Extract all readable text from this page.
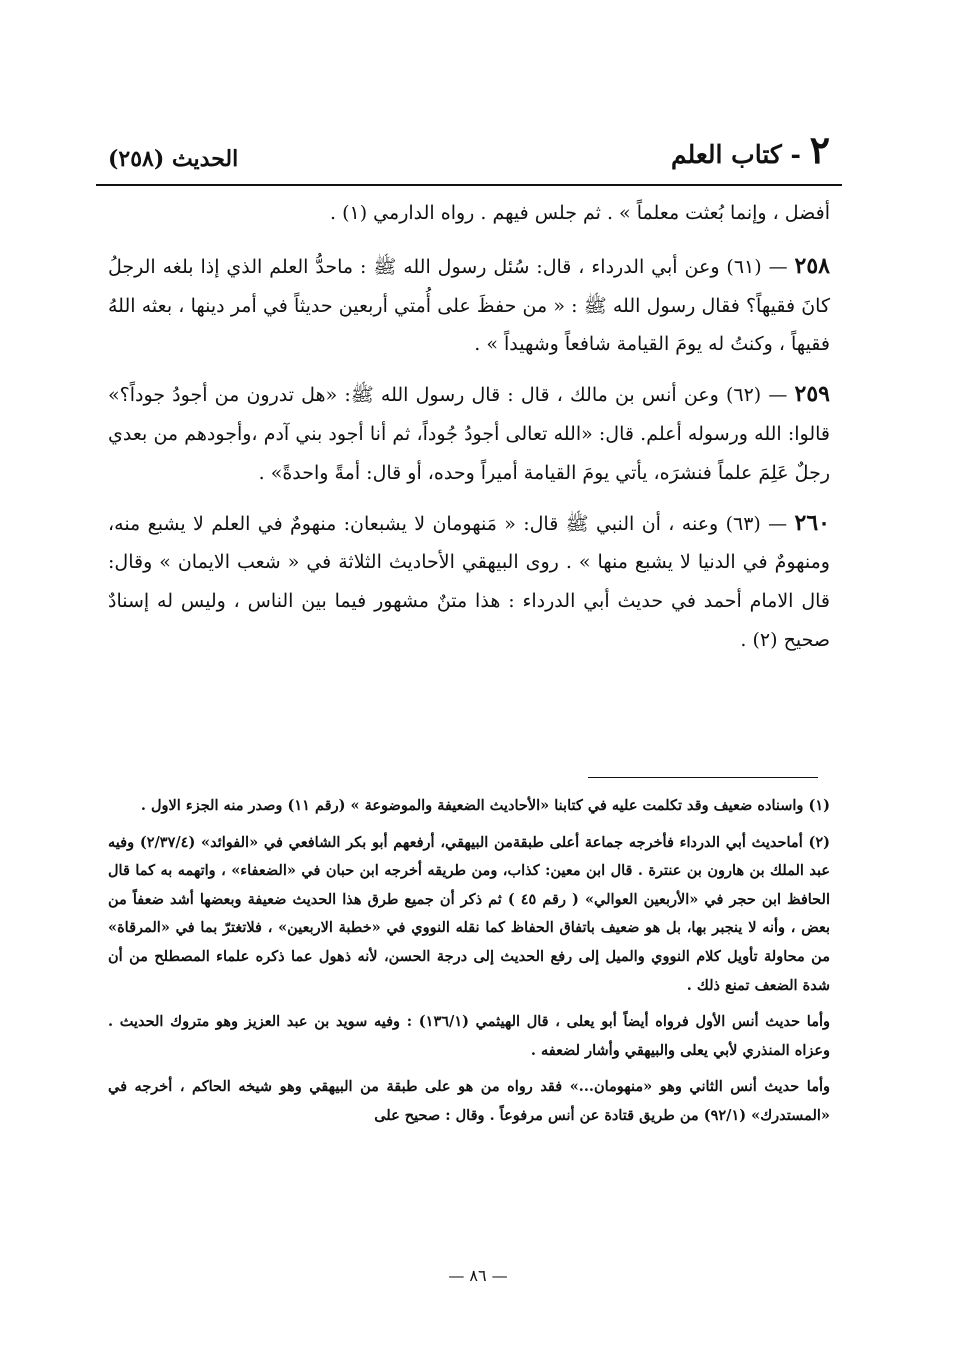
٢ - كتاب العلم
الحديث (٢٥٨)

أفضل ، وإنما بُعثت معلماً » . ثم جلس فيهم . رواه الدارمي (١) .

٢٥٨ — (٦١) وعن أبي الدرداء ، قال: سُئل رسول الله ﷺ : ماحدُّ العلم الذي إذا بلغه الرجلُ كانَ فقيهاً؟ فقال رسول الله ﷺ : « من حفظَ على أُمتي أربعين حديثاً في أمر دينها ، بعثه اللهُ فقيهاً ، وكنتُ له يومَ القيامة شافعاً وشهيداً » .

٢٥٩ — (٦٢) وعن أنس بن مالك ، قال : قال رسول الله ﷺ: «هل تدرون من أجودُ جوداً؟» قالوا: الله ورسوله أعلم. قال: «الله تعالى أجودُ جُوداً، ثم أنا أجود بني آدم ،وأجودهم من بعدي رجلٌ عَلِمَ علماً فنشرَه، يأتي يومَ القيامة أميراً وحده، أو قال: أمةً واحدةً» .

٢٦٠ — (٦٣) وعنه ، أن النبي ﷺ قال: « مَنهومان لا يشبعان: منهومٌ في العلم لا يشبع منه، ومنهومٌ في الدنيا لا يشبع منها » . روى البيهقي الأحاديث الثلاثة في « شعب الايمان » وقال: قال الامام أحمد في حديث أبي الدرداء : هذا متنٌ مشهور فيما بين الناس ، وليس له إسنادٌ صحيح (٢) .

(١) واسناده ضعيف وقد تكلمت عليه في كتابنا «الأحاديث الضعيفة والموضوعة » (رقم ١١) وصدر منه الجزء الاول .

(٢) أماحديث أبي الدرداء فأخرجه جماعة أعلى طبقةمن البيهقي، أرفعهم أبو بكر الشافعي في «الفوائد» (٢/٣٧/٤) وفيه عبد الملك بن هارون بن عنترة . قال ابن معين: كذاب، ومن طريقه أخرجه ابن حبان في «الضعفاء» ، واتهمه به كما قال الحافظ ابن حجر في «الأربعين العوالي» ( رقم ٤٥ ) ثم ذكر أن جميع طرق هذا الحديث ضعيفة وبعضها أشد ضعفاً من بعض ، وأنه لا ينجبر بها، بل هو ضعيف باتفاق الحفاظ كما نقله النووي في «خطبة الاربعين» ، فلاتغترّ بما في «المرقاة» من محاولة تأويل كلام النووي والميل إلى رفع الحديث إلى درجة الحسن، لأنه ذهول عما ذكره علماء المصطلح من أن شدة الضعف تمنع ذلك .

وأما حديث أنس الأول فرواه أيضاً أبو يعلى ، قال الهيثمي (١٣٦/١) : وفيه سويد بن عبد العزيز وهو متروك الحديث . وعزاه المنذري لأبي يعلى والبيهقي وأشار لضعفه .

وأما حديث أنس الثاني وهو «منهومان...» فقد رواه من هو على طبقة من البيهقي وهو شيخه الحاكم ، أخرجه في «المستدرك» (٩٢/١) من طريق قتادة عن أنس مرفوعاً . وقال : صحيح على

— ٨٦ —
